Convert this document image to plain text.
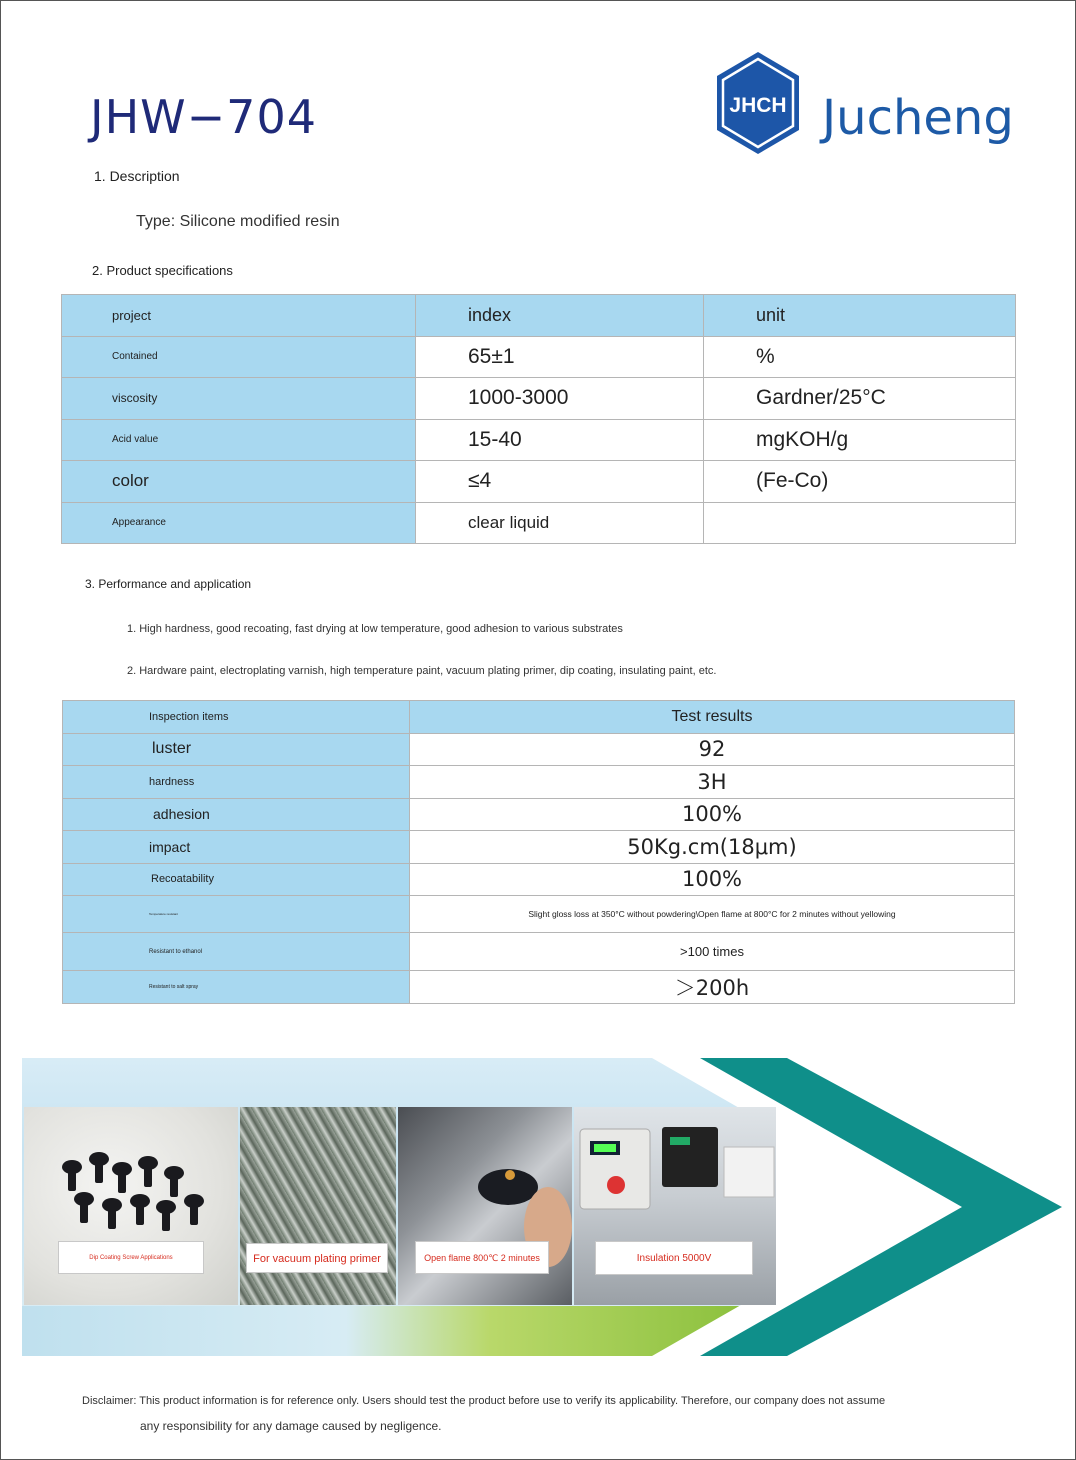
JHW−704	JHCH Jucheng
1. Description
Type: Silicone modified resin
2. Product specifications
project	index	unit
Contained	65±1	%
viscosity	1000-3000	Gardner/25°C
Acid value	15-40	mgKOH/g
color	≤4	(Fe-Co)
Appearance	clear liquid	
3. Performance and application
1. High hardness, good recoating, fast drying at low temperature, good adhesion to various substrates
2. Hardware paint, electroplating varnish, high temperature paint, vacuum plating primer, dip coating, insulating paint, etc.
Inspection items	Test results
luster	92
hardness	3H
adhesion	100%
impact	50Kg.cm(18μm)
Recoatability	100%
Temperature resistant	Slight gloss loss at 350°C without powdering\Open flame at 800°C for 2 minutes without yellowing
Resistant to ethanol	>100 times
Resistant to salt spray	＞200h
Dip Coating Screw Applications	For vacuum plating primer	Open flame 800℃ 2 minutes	Insulation 5000V
Disclaimer: This product information is for reference only. Users should test the product before use to verify its applicability. Therefore, our company does not assume
any responsibility for any damage caused by negligence.
